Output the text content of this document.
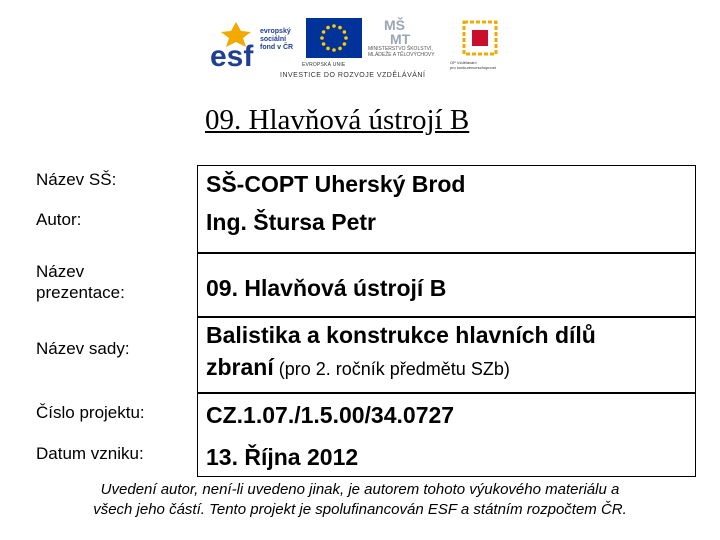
esf
evropský
sociální
fond v ČR
EVROPSKÁ UNIE
MŠ
MT
MINISTERSTVO ŠKOLSTVÍ, MLÁDEŽE A TĚLOVÝCHOVY
OP Vzdělávání
pro konkurenceschopnost
INVESTICE DO ROZVOJE VZDĚLÁVÁNÍ
09. Hlavňová ústrojí B
SŠ-COPT Uherský Brod
Ing. Štursa Petr
Název SŠ:
Autor:
09. Hlavňová ústrojí B
Název
prezentace:
Balistika a konstrukce hlavních dílů
zbraní (pro 2. ročník předmětu SZb)
Název sady:
CZ.1.07./1.5.00/34.0727
13. Října 2012
Číslo projektu:
Datum vzniku:
Uvedení autor, není-li uvedeno jinak, je autorem tohoto výukového materiálu a
všech jeho částí. Tento projekt je spolufinancován ESF a státním rozpočtem ČR.
